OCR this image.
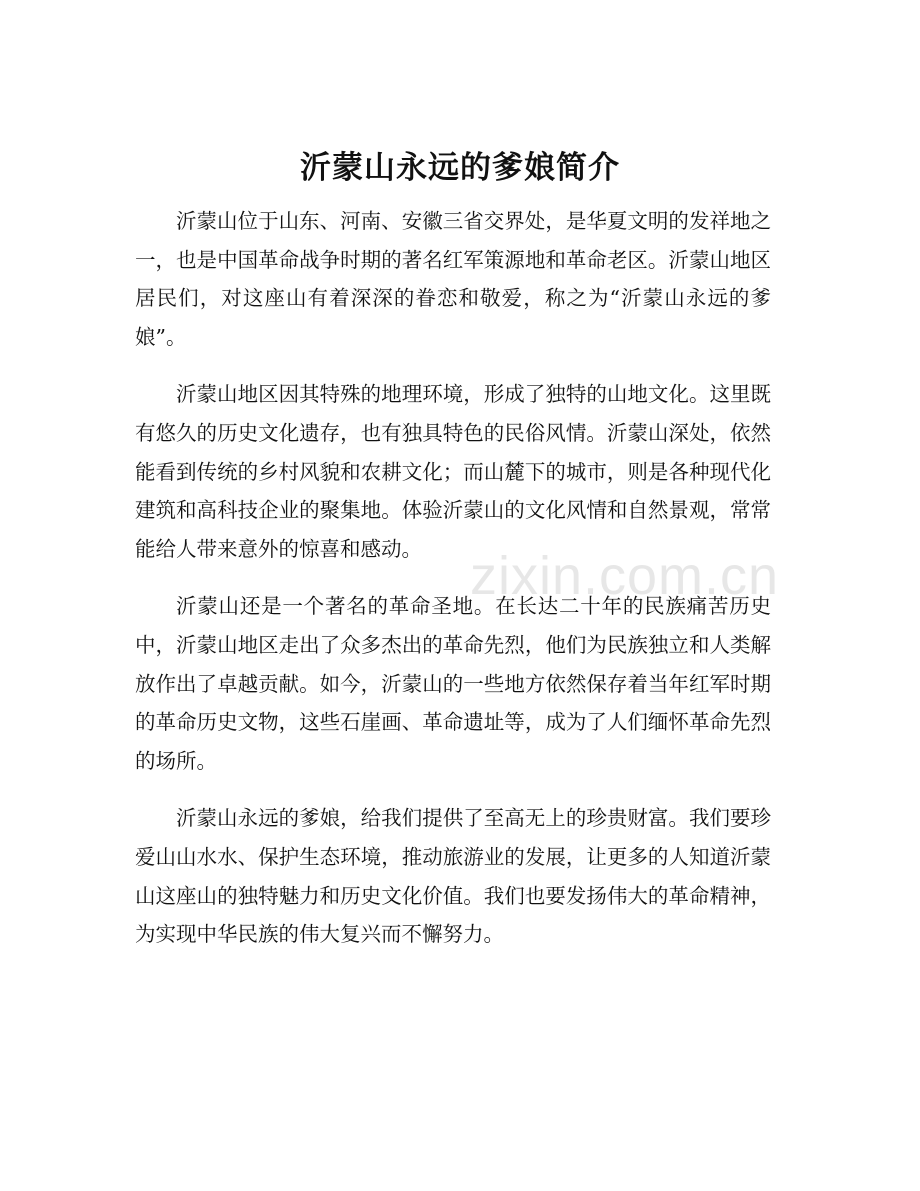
沂蒙山永远的爹娘简介

沂蒙山位于山东、河南、安徽三省交界处，是华夏文明的发祥地之一，也是中国革命战争时期的著名红军策源地和革命老区。沂蒙山地区居民们，对这座山有着深深的眷恋和敬爱，称之为“沂蒙山永远的爹娘”。

沂蒙山地区因其特殊的地理环境，形成了独特的山地文化。这里既有悠久的历史文化遗存，也有独具特色的民俗风情。沂蒙山深处，依然能看到传统的乡村风貌和农耕文化；而山麓下的城市，则是各种现代化建筑和高科技企业的聚集地。体验沂蒙山的文化风情和自然景观，常常能给人带来意外的惊喜和感动。

沂蒙山还是一个著名的革命圣地。在长达二十年的民族痛苦历史中，沂蒙山地区走出了众多杰出的革命先烈，他们为民族独立和人类解放作出了卓越贡献。如今，沂蒙山的一些地方依然保存着当年红军时期的革命历史文物，这些石崖画、革命遗址等，成为了人们缅怀革命先烈的场所。

沂蒙山永远的爹娘，给我们提供了至高无上的珍贵财富。我们要珍爱山山水水、保护生态环境，推动旅游业的发展，让更多的人知道沂蒙山这座山的独特魅力和历史文化价值。我们也要发扬伟大的革命精神，为实现中华民族的伟大复兴而不懈努力。

zixin.com.cn
